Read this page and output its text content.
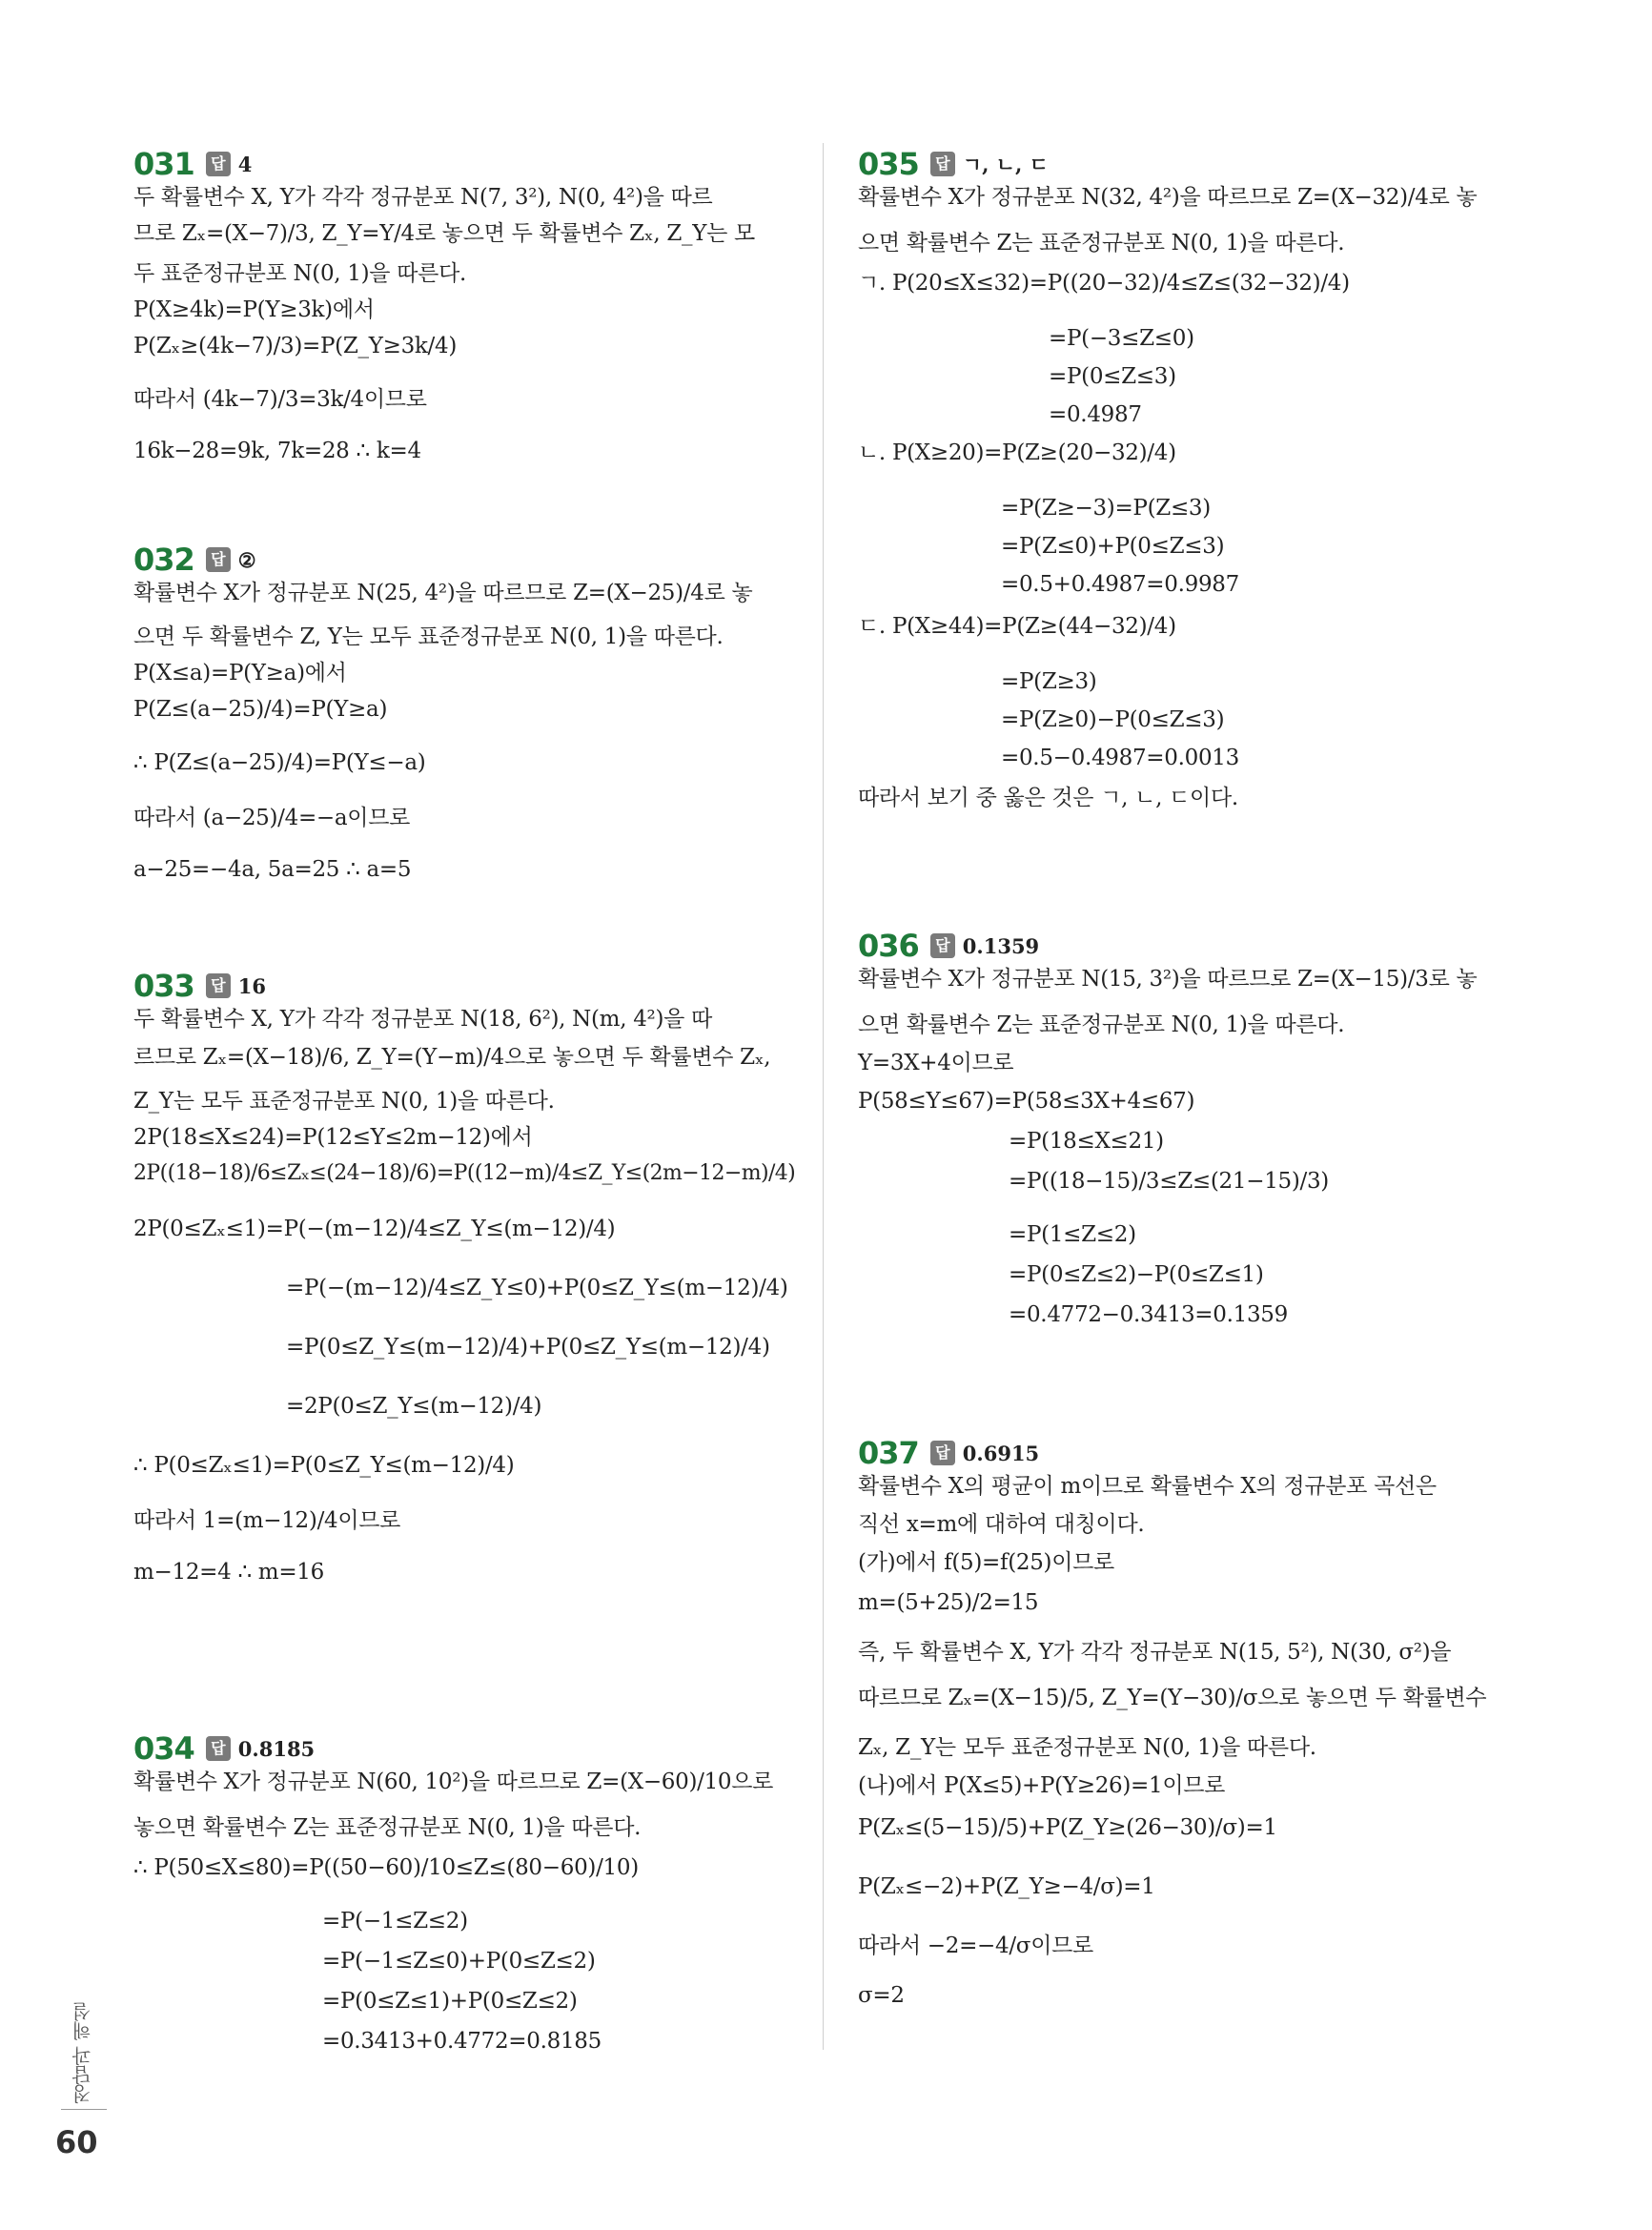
031	답 4
두 확률변수 X, Y가 각각 정규분포 N(7, 3²), N(0, 4²)을 따르
므로 Zₓ=(X−7)/3, Z_Y=Y/4로 놓으면 두 확률변수 Zₓ, Z_Y는 모
두 표준정규분포 N(0, 1)을 따른다.
P(X≥4k)=P(Y≥3k)에서
P(Zₓ≥(4k−7)/3)=P(Z_Y≥3k/4)
따라서 (4k−7)/3=3k/4이므로
16k−28=9k, 7k=28 ∴ k=4
032	답 ②
확률변수 X가 정규분포 N(25, 4²)을 따르므로 Z=(X−25)/4로 놓
으면 두 확률변수 Z, Y는 모두 표준정규분포 N(0, 1)을 따른다.
P(X≤a)=P(Y≥a)에서
P(Z≤(a−25)/4)=P(Y≥a)
∴ P(Z≤(a−25)/4)=P(Y≤−a)
따라서 (a−25)/4=−a이므로
a−25=−4a, 5a=25 ∴ a=5
033	답 16
두 확률변수 X, Y가 각각 정규분포 N(18, 6²), N(m, 4²)을 따
르므로 Zₓ=(X−18)/6, Z_Y=(Y−m)/4으로 놓으면 두 확률변수 Zₓ,
Z_Y는 모두 표준정규분포 N(0, 1)을 따른다.
2P(18≤X≤24)=P(12≤Y≤2m−12)에서
2P((18−18)/6≤Zₓ≤(24−18)/6)=P((12−m)/4≤Z_Y≤(2m−12−m)/4)
2P(0≤Zₓ≤1)=P(−(m−12)/4≤Z_Y≤(m−12)/4)
=P(−(m−12)/4≤Z_Y≤0)+P(0≤Z_Y≤(m−12)/4)
=P(0≤Z_Y≤(m−12)/4)+P(0≤Z_Y≤(m−12)/4)
=2P(0≤Z_Y≤(m−12)/4)
∴ P(0≤Zₓ≤1)=P(0≤Z_Y≤(m−12)/4)
따라서 1=(m−12)/4이므로
m−12=4 ∴ m=16
034	답 0.8185
확률변수 X가 정규분포 N(60, 10²)을 따르므로 Z=(X−60)/10으로
놓으면 확률변수 Z는 표준정규분포 N(0, 1)을 따른다.
∴ P(50≤X≤80)=P((50−60)/10≤Z≤(80−60)/10)
=P(−1≤Z≤2)
=P(−1≤Z≤0)+P(0≤Z≤2)
=P(0≤Z≤1)+P(0≤Z≤2)
=0.3413+0.4772=0.8185
035	답 ㄱ, ㄴ, ㄷ
확률변수 X가 정규분포 N(32, 4²)을 따르므로 Z=(X−32)/4로 놓
으면 확률변수 Z는 표준정규분포 N(0, 1)을 따른다.
ㄱ. P(20≤X≤32)=P((20−32)/4≤Z≤(32−32)/4)
=P(−3≤Z≤0)
=P(0≤Z≤3)
=0.4987
ㄴ. P(X≥20)=P(Z≥(20−32)/4)
=P(Z≥−3)=P(Z≤3)
=P(Z≤0)+P(0≤Z≤3)
=0.5+0.4987=0.9987
ㄷ. P(X≥44)=P(Z≥(44−32)/4)
=P(Z≥3)
=P(Z≥0)−P(0≤Z≤3)
=0.5−0.4987=0.0013
따라서 보기 중 옳은 것은 ㄱ, ㄴ, ㄷ이다.
036	답 0.1359
확률변수 X가 정규분포 N(15, 3²)을 따르므로 Z=(X−15)/3로 놓
으면 확률변수 Z는 표준정규분포 N(0, 1)을 따른다.
Y=3X+4이므로
P(58≤Y≤67)=P(58≤3X+4≤67)
=P(18≤X≤21)
=P((18−15)/3≤Z≤(21−15)/3)
=P(1≤Z≤2)
=P(0≤Z≤2)−P(0≤Z≤1)
=0.4772−0.3413=0.1359
037	답 0.6915
확률변수 X의 평균이 m이므로 확률변수 X의 정규분포 곡선은
직선 x=m에 대하여 대칭이다.
(가)에서 f(5)=f(25)이므로
m=(5+25)/2=15
즉, 두 확률변수 X, Y가 각각 정규분포 N(15, 5²), N(30, σ²)을
따르므로 Zₓ=(X−15)/5, Z_Y=(Y−30)/σ으로 놓으면 두 확률변수
Zₓ, Z_Y는 모두 표준정규분포 N(0, 1)을 따른다.
(나)에서 P(X≤5)+P(Y≥26)=1이므로
P(Zₓ≤(5−15)/5)+P(Z_Y≥(26−30)/σ)=1
P(Zₓ≤−2)+P(Z_Y≥−4/σ)=1
따라서 −2=−4/σ이므로
σ=2
정답과 해설
60
